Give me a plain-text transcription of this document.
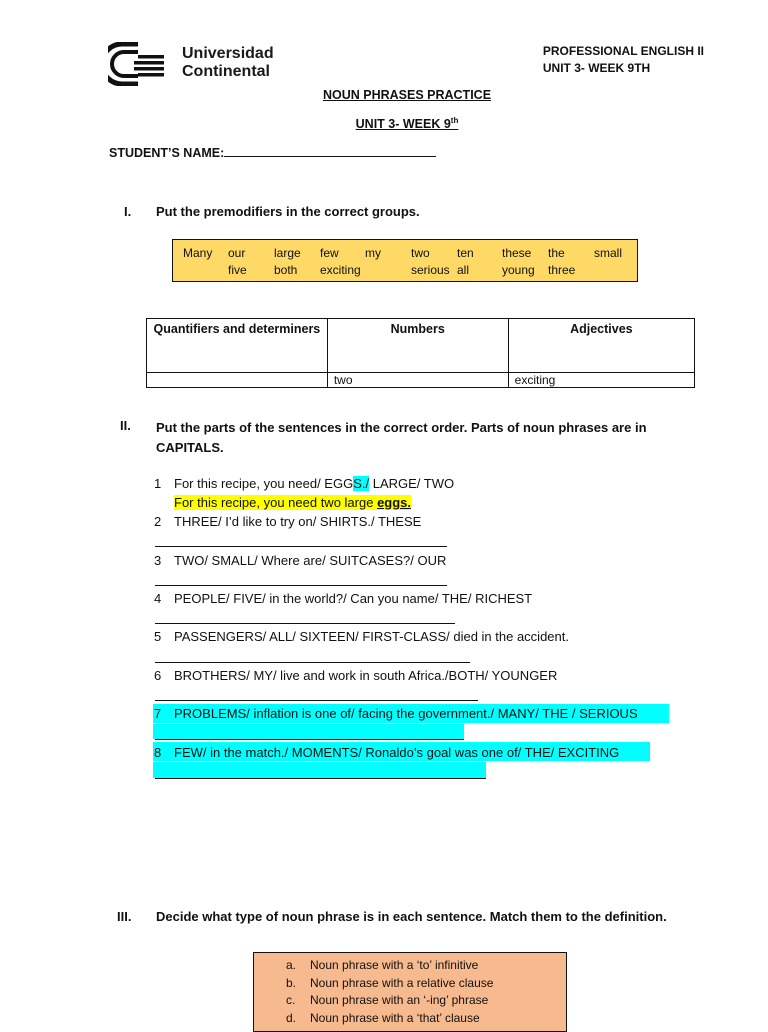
Universidad
Continental
PROFESSIONAL ENGLISH II
UNIT 3- WEEK 9TH
NOUN PHRASES PRACTICE
UNIT 3- WEEK 9th
STUDENT’S NAME:
I. Put the premodifiers in the correct groups.
Many our large few my	two ten these the small
five both exciting	serious all	young three
Quantifiers and determiners	Numbers	Adjectives
	two	exciting
II. Put the parts of the sentences in the correct order. Parts of noun phrases are in
CAPITALS.
1 For this recipe, you need/ EGGS./ LARGE/ TWO
For this recipe, you need two large eggs.
2 THREE/ I’d like to try on/ SHIRTS./ THESE
3 TWO/ SMALL/ Where are/ SUITCASES?/ OUR
4 PEOPLE/ FIVE/ in the world?/ Can you name/ THE/ RICHEST
5 PASSENGERS/ ALL/ SIXTEEN/ FIRST-CLASS/ died in the accident.
6 BROTHERS/ MY/ live and work in south Africa./BOTH/ YOUNGER
7 PROBLEMS/ inflation is one of/ facing the government./ MANY/ THE / SERIOUS
8 FEW/ in the match./ MOMENTS/ Ronaldo’s goal was one of/ THE/ EXCITING
III. Decide what type of noun phrase is in each sentence. Match them to the definition.
a.	Noun phrase with a ‘to’ infinitive
b.	Noun phrase with a relative clause
c.	Noun phrase with an ‘-ing’ phrase
d.	Noun phrase with a ‘that’ clause
